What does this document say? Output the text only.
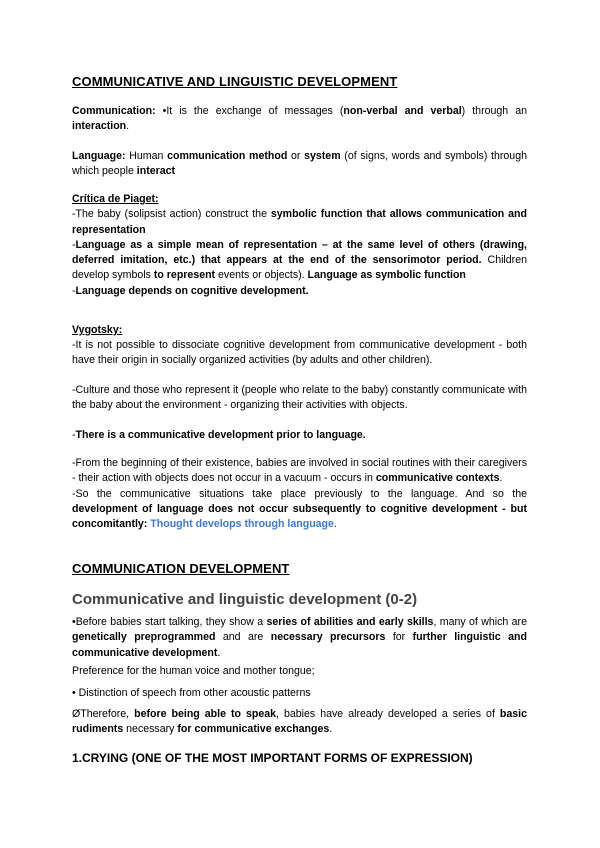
COMMUNICATIVE AND LINGUISTIC DEVELOPMENT
Communication: •It is the exchange of messages (non-verbal and verbal) through an interaction.
Language: Human communication method or system (of signs, words and symbols) through which people interact

Crítica de Piaget:

-The baby (solipsist action) construct the symbolic function that allows communication and representation

-Language as a simple mean of representation – at the same level of others (drawing, deferred imitation, etc.) that appears at the end of the sensorimotor period. Children develop symbols to represent events or objects). Language as symbolic function

-Language depends on cognitive development.

Vygotsky:
-It is not possible to dissociate cognitive development from communicative development - both have their origin in socially organized activities (by adults and other children).
-Culture and those who represent it (people who relate to the baby) constantly communicate with the baby about the environment - organizing their activities with objects.
-There is a communicative development prior to language.

-From the beginning of their existence, babies are involved in social routines with their caregivers - their action with objects does not occur in a vacuum - occurs in communicative contexts.

-So the communicative situations take place previously to the language. And so the development of language does not occur subsequently to cognitive development - but concomitantly: Thought develops through language.

COMMUNICATION DEVELOPMENT
Communicative and linguistic development (0-2)
•Before babies start talking, they show a series of abilities and early skills, many of which are genetically preprogrammed and are necessary precursors for further linguistic and communicative development.
Preference for the human voice and mother tongue;
• Distinction of speech from other acoustic patterns
ØTherefore, before being able to speak, babies have already developed a series of basic rudiments necessary for communicative exchanges.
1.CRYING (ONE OF THE MOST IMPORTANT FORMS OF EXPRESSION)
